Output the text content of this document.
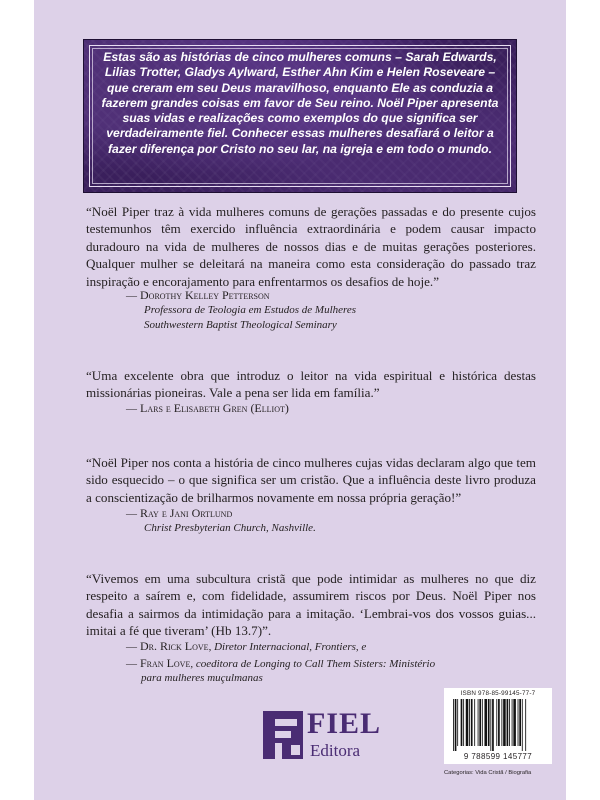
Estas são as histórias de cinco mulheres comuns – Sarah Edwards, Lilias Trotter, Gladys Aylward, Esther Ahn Kim e Helen Roseveare – que creram em seu Deus maravilhoso, enquanto Ele as conduzia a fazerem grandes coisas em favor de Seu reino. Noël Piper apresenta suas vidas e realizações como exemplos do que significa ser verdadeiramente fiel. Conhecer essas mulheres desafiará o leitor a fazer diferença por Cristo no seu lar, na igreja e em todo o mundo.

“Noël Piper traz à vida mulheres comuns de gerações passadas e do presente cujos testemunhos têm exercido influência extraordinária e podem causar impacto duradouro na vida de mulheres de nossos dias e de muitas gerações posteriores. Qualquer mulher se deleitará na maneira como esta consideração do passado traz inspiração e encorajamento para enfrentarmos os desafios de hoje.”

— Dorothy Kelley Petterson

Professora de Teologia em Estudos de Mulheres

Southwestern Baptist Theological Seminary

“Uma excelente obra que introduz o leitor na vida espiritual e histórica destas missionárias pioneiras. Vale a pena ser lida em família.”

— Lars e Elisabeth Gren (Elliot)

“Noël Piper nos conta a história de cinco mulheres cujas vidas declaram algo que tem sido esquecido – o que significa ser um cristão. Que a influência deste livro produza a conscientização de brilharmos novamente em nossa própria geração!”

— Ray e Jani Ortlund

Christ Presbyterian Church, Nashville.

“Vivemos em uma subcultura cristã que pode intimidar as mulheres no que diz respeito a saírem e, com fidelidade, assumirem riscos por Deus. Noël Piper nos desafia a sairmos da intimidação para a imitação. ‘Lembrai-vos dos vossos guias... imitai a fé que tiveram’ (Hb 13.7)”.

— Dr. Rick Love, Diretor Internacional, Frontiers, e

— Fran Love, coeditora de Longing to Call Them Sisters: Ministério

para mulheres muçulmanas

FIEL
Editora
ISBN 978-85-99145-77-7
9 788599 145777
Categorias: Vida Cristã / Biografia
